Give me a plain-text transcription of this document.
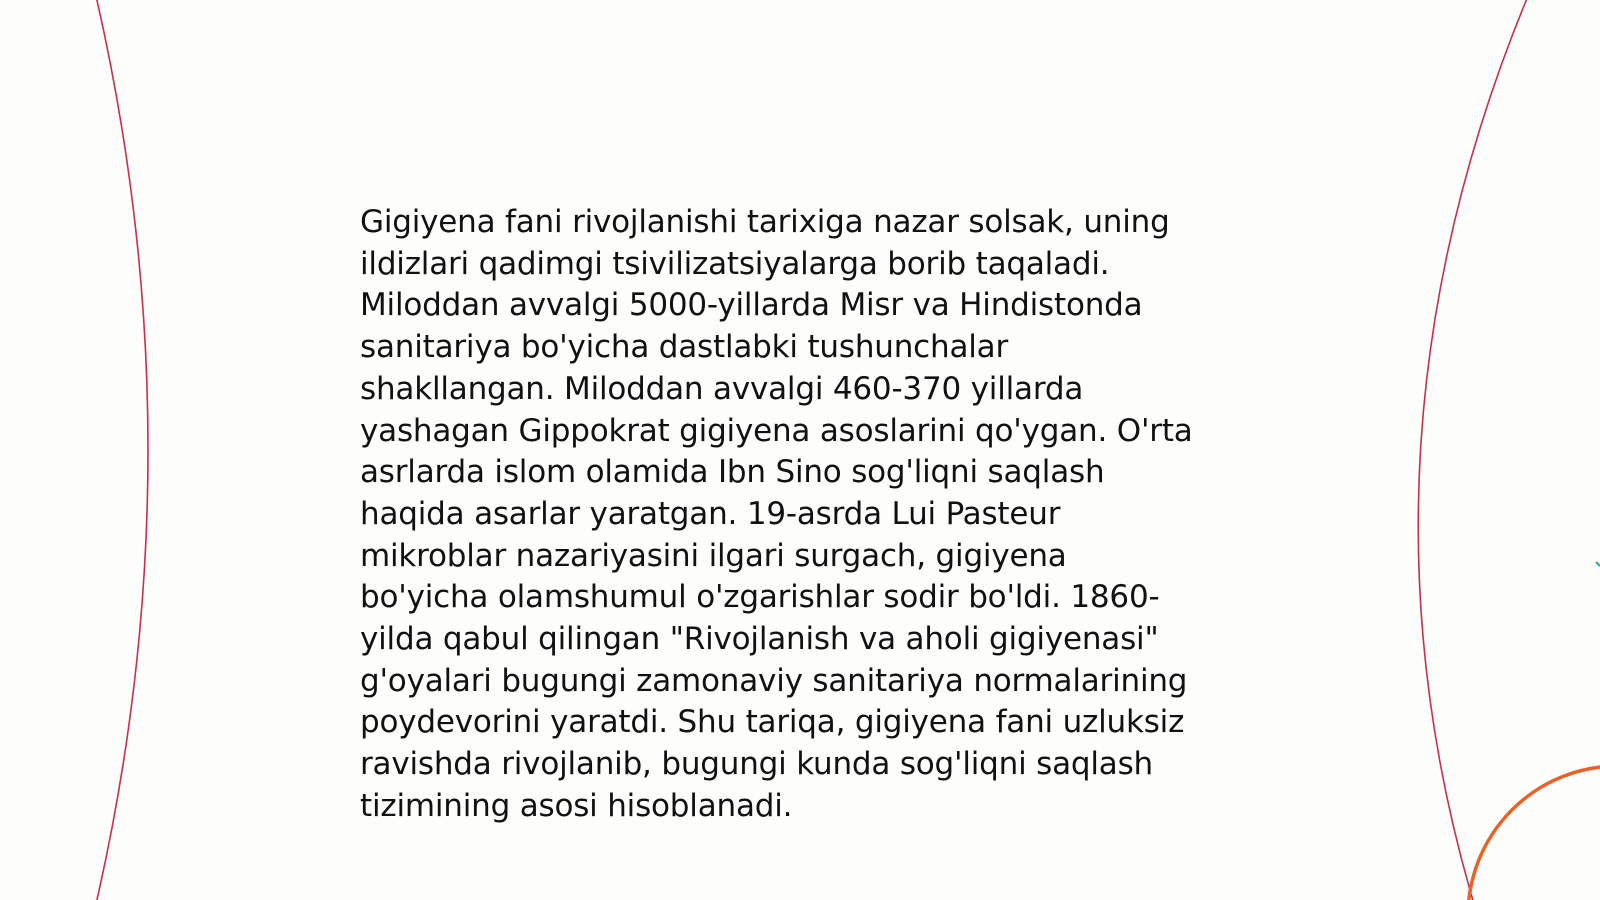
Gigiyena fani rivojlanishi tarixiga nazar solsak, uning
ildizlari qadimgi tsivilizatsiyalarga borib taqaladi.
Miloddan avvalgi 5000-yillarda Misr va Hindistonda
sanitariya bo'yicha dastlabki tushunchalar
shakllangan. Miloddan avvalgi 460-370 yillarda
yashagan Gippokrat gigiyena asoslarini qo'ygan. O'rta
asrlarda islom olamida Ibn Sino sog'liqni saqlash
haqida asarlar yaratgan. 19-asrda Lui Pasteur
mikroblar nazariyasini ilgari surgach, gigiyena
bo'yicha olamshumul o'zgarishlar sodir bo'ldi. 1860-
yilda qabul qilingan "Rivojlanish va aholi gigiyenasi"
g'oyalari bugungi zamonaviy sanitariya normalarining
poydevorini yaratdi. Shu tariqa, gigiyena fani uzluksiz
ravishda rivojlanib, bugungi kunda sog'liqni saqlash
tizimining asosi hisoblanadi.
